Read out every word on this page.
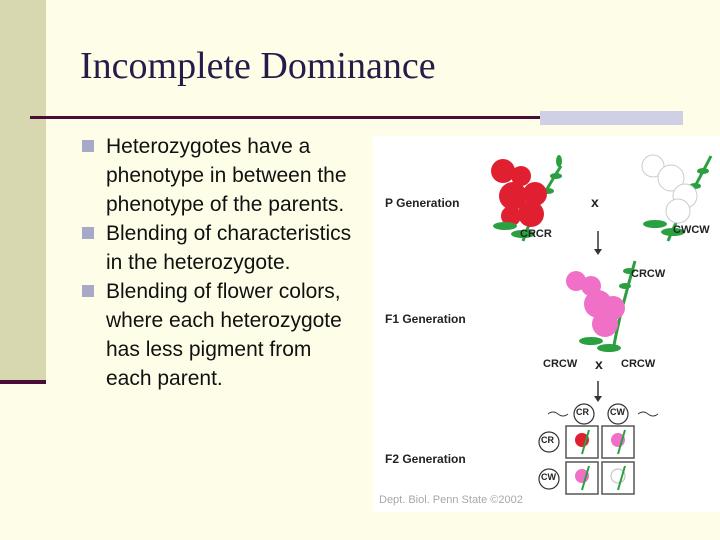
Incomplete Dominance
Heterozygotes have a phenotype in between the phenotype of the parents.
Blending of characteristics in the heterozygote.
Blending of flower colors, where each heterozygote has less pigment from each parent.
P Generation
F1 Generation
F2 Generation
x
CRCR	CWCW
CRCW
CRCW x CRCW
CR CW
CR
CW
Dept. Biol. Penn State ©2002
